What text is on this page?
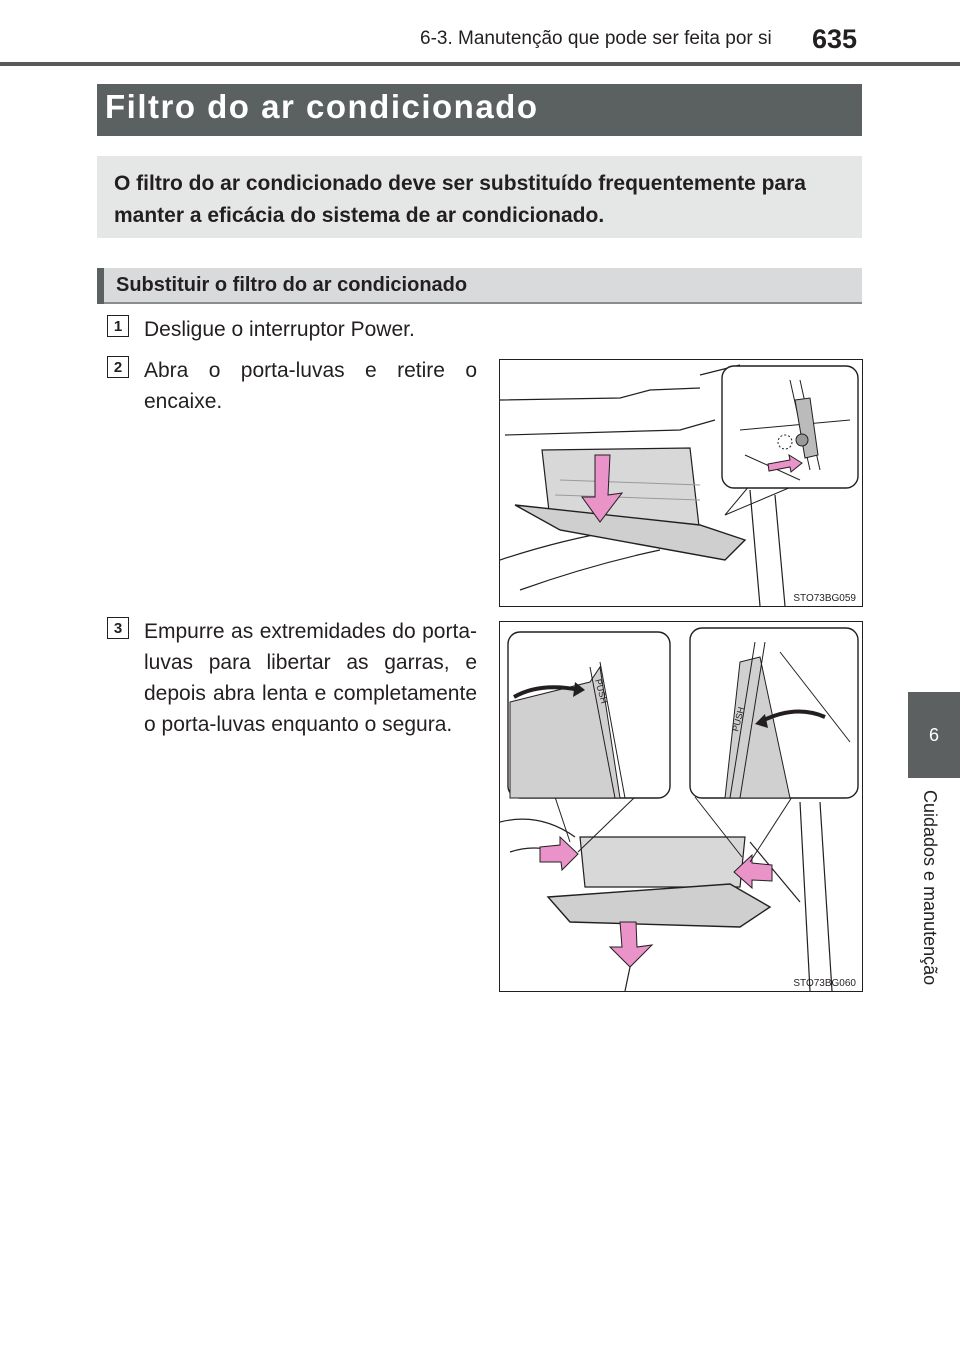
6-3. Manutenção que pode ser feita por si	635
6
Cuidados e manutenção
Filtro do ar condicionado

O filtro do ar condicionado deve ser substituído frequentemente para manter a eficácia do sistema de ar condicionado.

Substituir o filtro do ar condicionado
1	Desligue o interruptor Power.
2	Abra o porta-luvas e retire o encaixe.
3	Empurre as extremidades do porta-luvas para libertar as garras, e depois abra lenta e completamente o porta-luvas enquanto o segura.
STO73BG059
PUSH
PUSH
STO73BG060
